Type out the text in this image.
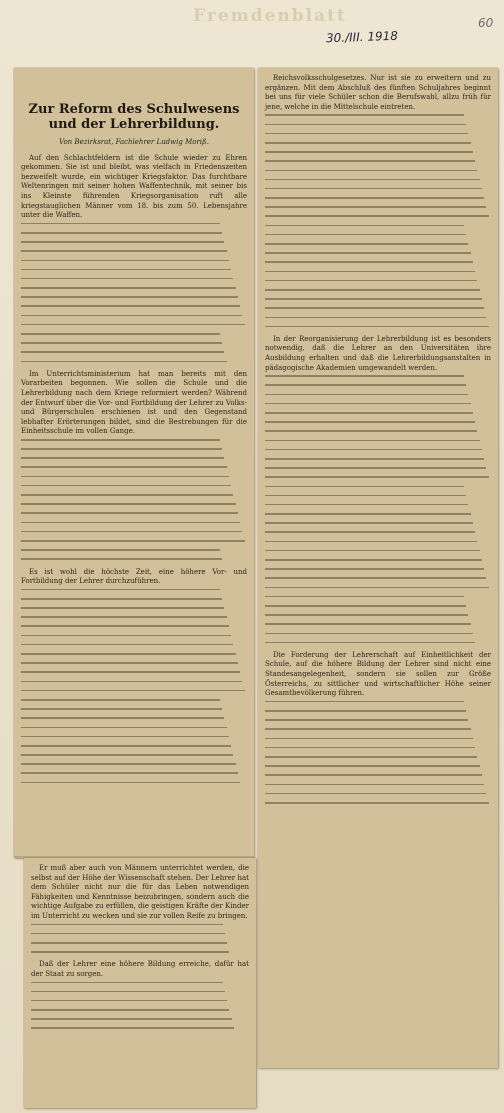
Fremdenblatt
30./III. 1918
60
Zur Reform des Schulwesens und der Lehrerbildung.
Von Bezirksrat, Fachlehrer Ludwig Moriß.

Auf den Schlachtfeldern ist die Schule wieder zu Ehren gekommen. Sie ist und bleibt, was vielfach in Friedenszeiten bezweifelt wurde, ein wichtiger Kriegsfaktor. Das furchtbare Weltenringen mit seiner hohen Waffentechnik, mit seiner bis ins Kleinste führenden Kriegsorganisation ruft alle kriegstauglichen Männer vom 18. bis zum 50. Lebensjahre unter die Waffen.

Im Unterrichtsministerium hat man bereits mit den Vorarbeiten begonnen. Wie sollen die Schule und die Lehrerbildung nach dem Kriege reformiert werden? Während der Entwurf über die Vor- und Fortbildung der Lehrer zu Volks- und Bürgerschulen erschienen ist und den Gegenstand lebhafter Erörterungen bildet, sind die Bestrebungen für die Einheitsschule im vollen Gange.

Es ist wohl die höchste Zeit, eine höhere Vor- und Fortbildung der Lehrer durchzuführen.

Reichsvolksschulgesetzes. Nur ist sie zu erweitern und zu ergänzen. Mit dem Abschluß des fünften Schuljahres beginnt bei uns für viele Schüler schon die Berufswahl, allzu früh für jene, welche in die Mittelschule eintreten.

In der Reorganisierung der Lehrerbildung ist es besonders notwendig, daß die Lehrer an den Universitäten ihre Ausbildung erhalten und daß die Lehrerbildungsanstalten in pädagogische Akademien umgewandelt werden.

Die Forderung der Lehrerschaft auf Einheitlichkeit der Schule, auf die höhere Bildung der Lehrer sind nicht eine Standesangelegenheit, sondern sie sollen zur Größe Österreichs, zu sittlicher und wirtschaftlicher Höhe seiner Gesamtbevölkerung führen.

Er muß aber auch von Männern unterrichtet werden, die selbst auf der Höhe der Wissenschaft stehen. Der Lehrer hat dem Schüler nicht nur die für das Leben notwendigen Fähigkeiten und Kenntnisse beizubringen, sondern auch die wichtige Aufgabe zu erfüllen, die geistigen Kräfte der Kinder im Unterricht zu wecken und sie zur vollen Reife zu bringen.

Daß der Lehrer eine höhere Bildung erreiche, dafür hat der Staat zu sorgen.
